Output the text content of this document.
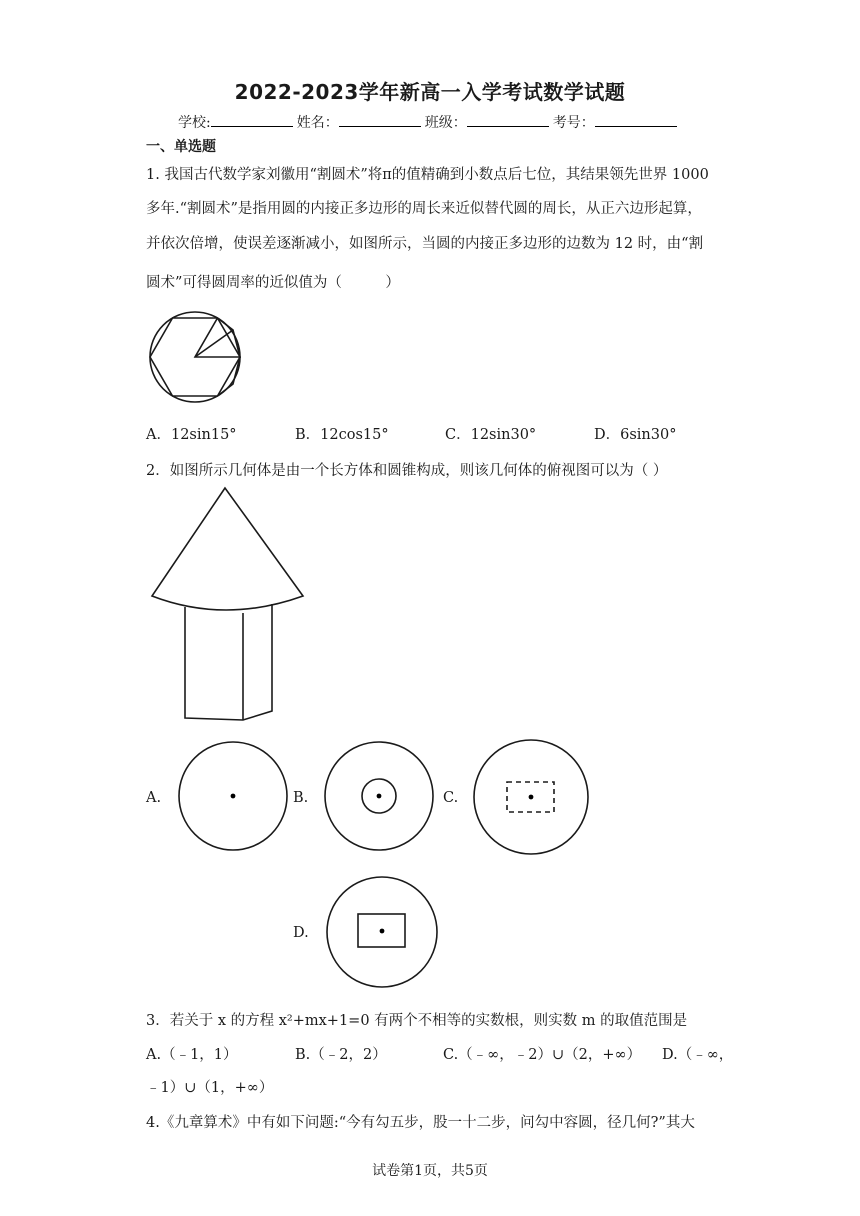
2022-2023学年新高一入学考试数学试题
学校:	姓名：	班级：	考号：
一、单选题
1. 我国古代数学家刘徽用“割圆术”将π的值精确到小数点后七位，其结果领先世界 1000
多年.“割圆术”是指用圆的内接正多边形的周长来近似替代圆的周长，从正六边形起算，
并依次倍增，使误差逐渐减小，如图所示，当圆的内接正多边形的边数为 12 时，由“割
圆术”可得圆周率的近似值为（　　　）
A．12sin15°	B．12cos15°	C．12sin30°	D．6sin30°
2．如图所示几何体是由一个长方体和圆锥构成，则该几何体的俯视图可以为（ ）
A.	B.	C.
D.
3．若关于 x 的方程 x²+mx+1=0 有两个不相等的实数根，则实数 m 的取值范围是
A.（﹣1，1）	B.（﹣2，2）	C.（﹣∞，﹣2）∪（2，+∞） D.（﹣∞，
﹣1）∪（1，+∞）
4.《九章算术》中有如下问题:“今有勾五步，股一十二步，问勾中容圆，径几何?”其大
试卷第1页，共5页
